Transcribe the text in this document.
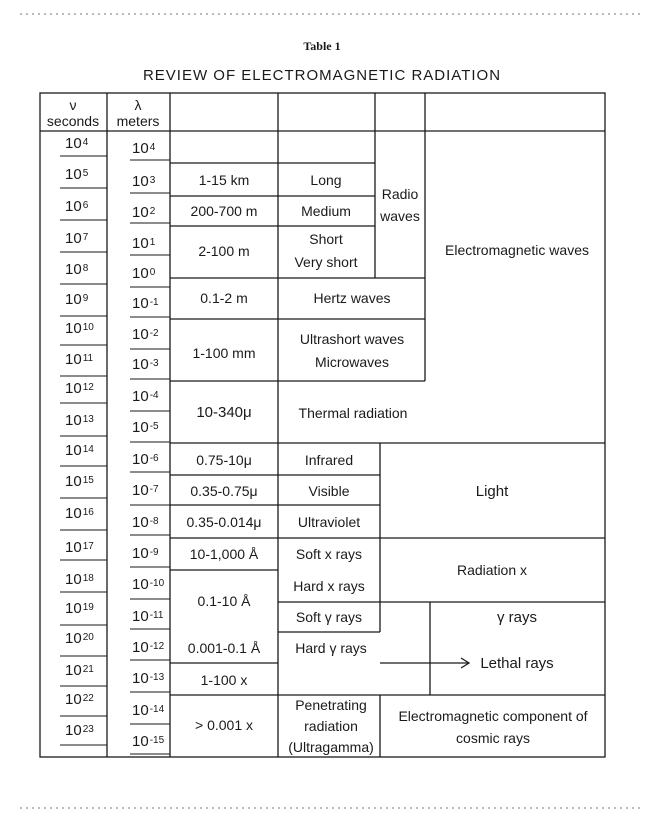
Table 1
REVIEW OF ELECTROMAGNETIC RADIATION
ν
seconds
λ
meters
$10^4$
$10^5$
$10^6$
$10^7$
$10^8$
$10^9$
$10^{10}$
$10^{11}$
$10^{12}$
$10^{13}$
$10^{14}$
$10^{15}$
$10^{16}$
$10^{17}$
$10^{18}$
$10^{19}$
$10^{20}$
$10^{21}$
$10^{22}$
$10^{23}$
$10^4$
$10^3$
$10^2$
$10^1$
$10^0$
$10^{-1}$
$10^{-2}$
$10^{-3}$
$10^{-4}$
$10^{-5}$
$10^{-6}$
$10^{-7}$
$10^{-8}$
$10^{-9}$
$10^{-10}$
$10^{-11}$
$10^{-12}$
$10^{-13}$
$10^{-14}$
$10^{-15}$
1-15 km
200-700 m
2-100 m
0.1-2 m
1-100 mm
10-340μ
0.75-10μ
0.35-0.75μ
0.35-0.014μ
10-1,000 Å
0.1-10 Å
0.001-0.1 Å
1-100 x
> 0.001 x
Long
Medium
Short
Very short
Hertz waves
Ultrashort waves
Microwaves
Thermal radiation
Infrared
Visible
Ultraviolet
Soft x rays
Hard x rays
Soft γ rays
Hard γ rays
Penetrating
radiation
(Ultragamma)
Radio
waves
Electromagnetic waves
Light
Radiation x
γ rays
Lethal rays
Electromagnetic component of
cosmic rays
